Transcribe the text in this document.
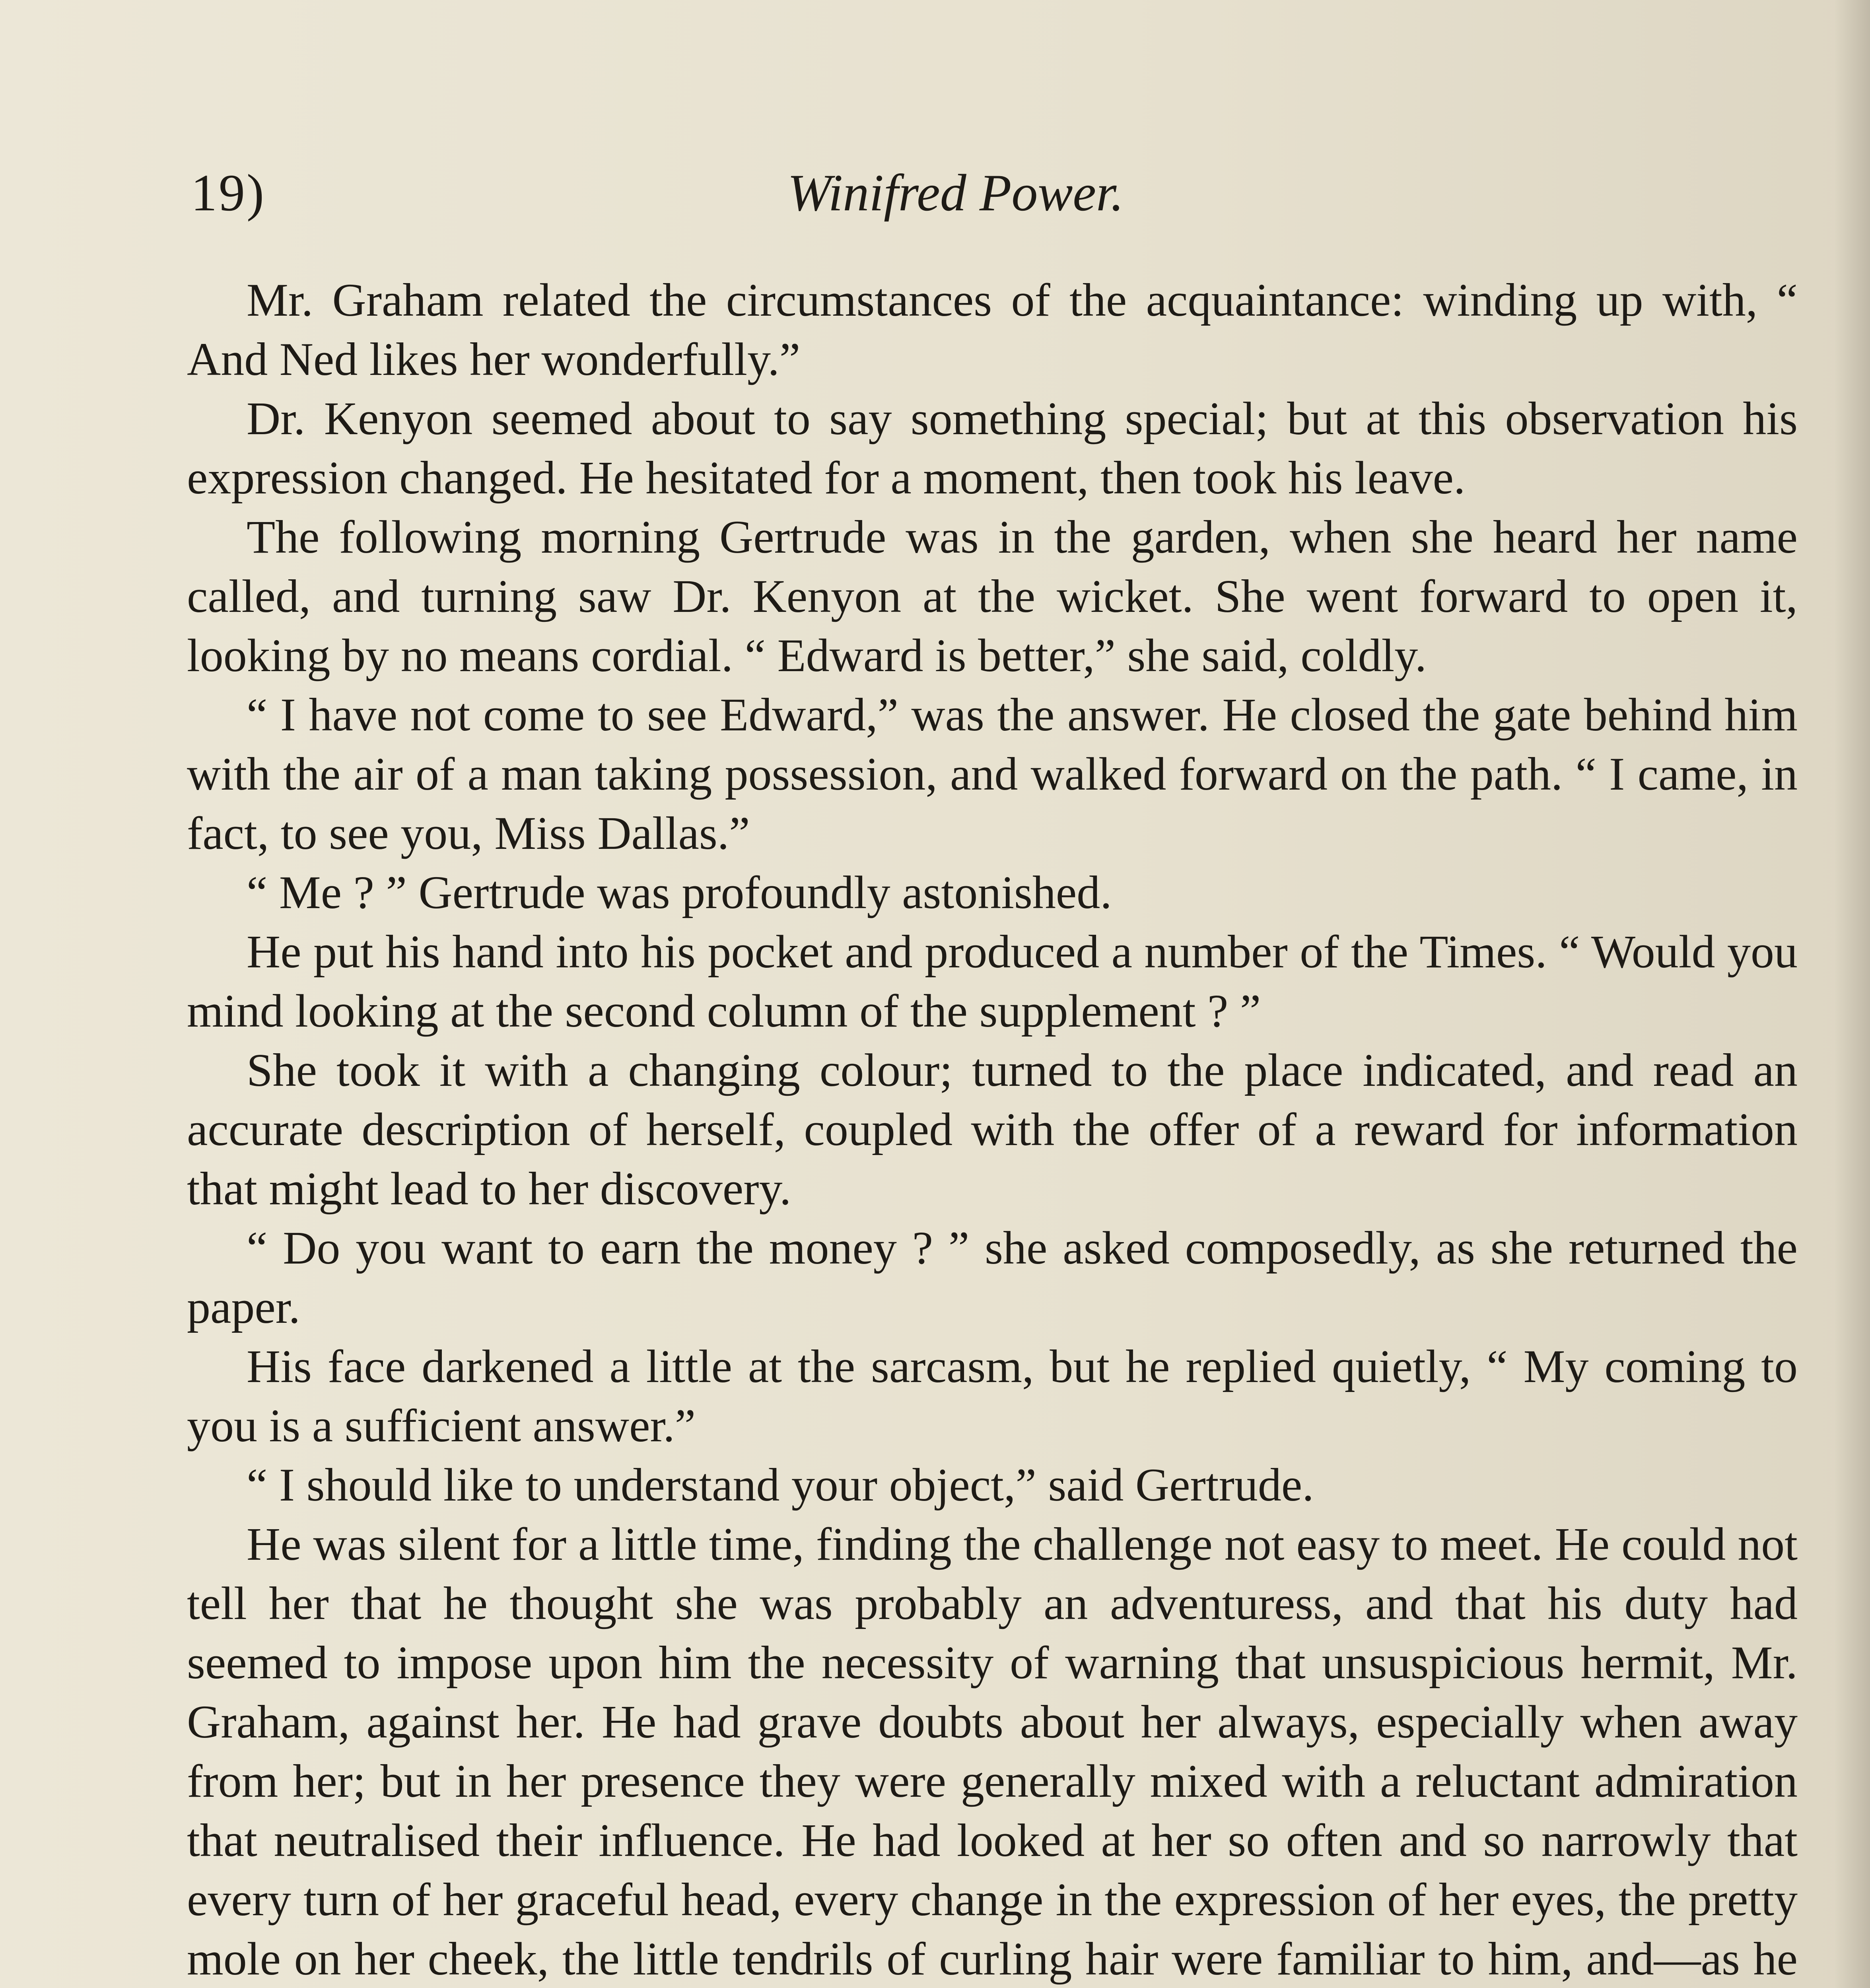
19)	Winifred Power.

Mr. Graham related the circumstances of the acquaintance: winding up with, “ And Ned likes her wonderfully.”

Dr. Kenyon seemed about to say something special; but at this observation his expression changed. He hesitated for a moment, then took his leave.

The following morning Gertrude was in the garden, when she heard her name called, and turning saw Dr. Kenyon at the wicket. She went forward to open it, looking by no means cordial. “ Edward is better,” she said, coldly.

“ I have not come to see Edward,” was the answer. He closed the gate behind him with the air of a man taking possession, and walked forward on the path. “ I came, in fact, to see you, Miss Dallas.”

“ Me ? ” Gertrude was profoundly astonished.

He put his hand into his pocket and produced a number of the Times. “ Would you mind looking at the second column of the supplement ? ”

She took it with a changing colour; turned to the place indicated, and read an accurate description of herself, coupled with the offer of a reward for information that might lead to her discovery.

“ Do you want to earn the money ? ” she asked composedly, as she returned the paper.

His face darkened a little at the sarcasm, but he replied quietly, “ My coming to you is a sufficient answer.”

“ I should like to understand your object,” said Gertrude.

He was silent for a little time, finding the challenge not easy to meet. He could not tell her that he thought she was probably an adventuress, and that his duty had seemed to impose upon him the necessity of warning that unsuspicious hermit, Mr. Graham, against her. He had grave doubts about her always, especially when away from her; but in her presence they were generally mixed with a reluctant admiration that neutralised their influence. He had looked at her so often and so narrowly that every turn of her graceful head, every change in the expression of her eyes, the pretty mole on her cheek, the little tendrils of curling hair were familiar to him, and—as he
